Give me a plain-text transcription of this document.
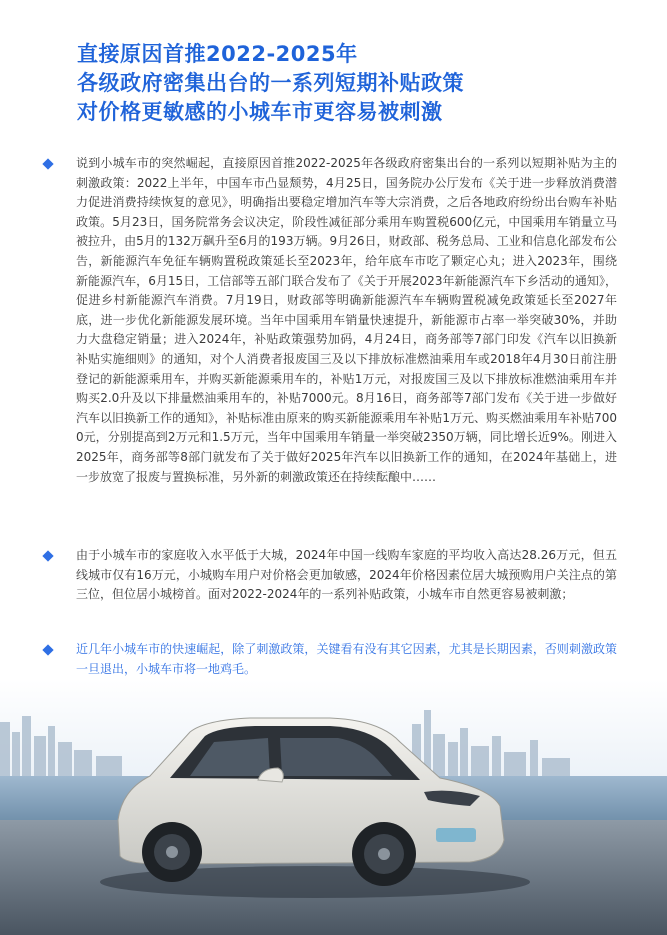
直接原因首推2022-2025年
各级政府密集出台的一系列短期补贴政策
对价格更敏感的小城车市更容易被刺激
说到小城车市的突然崛起，直接原因首推2022-2025年各级政府密集出台的一系列以短期补贴为主的刺激政策：2022上半年，中国车市凸显颓势，4月25日，国务院办公厅发布《关于进一步释放消费潜力促进消费持续恢复的意见》，明确指出要稳定增加汽车等大宗消费，之后各地政府纷纷出台购车补贴政策。5月23日，国务院常务会议决定，阶段性减征部分乘用车购置税600亿元，中国乘用车销量立马被拉升，由5月的132万飙升至6月的193万辆。9月26日，财政部、税务总局、工业和信息化部发布公告，新能源汽车免征车辆购置税政策延长至2023年，给年底车市吃了颗定心丸；进入2023年，围绕新能源汽车，6月15日，工信部等五部门联合发布了《关于开展2023年新能源汽车下乡活动的通知》，促进乡村新能源汽车消费。7月19日，财政部等明确新能源汽车车辆购置税减免政策延长至2027年底，进一步优化新能源发展环境。当年中国乘用车销量快速提升，新能源市占率一举突破30%，并助力大盘稳定销量；进入2024年，补贴政策强势加码，4月24日，商务部等7部门印发《汽车以旧换新补贴实施细则》的通知，对个人消费者报废国三及以下排放标准燃油乘用车或2018年4月30日前注册登记的新能源乘用车，并购买新能源乘用车的，补贴1万元，对报废国三及以下排放标准燃油乘用车并购买2.0升及以下排量燃油乘用车的，补贴7000元。8月16日，商务部等7部门发布《关于进一步做好汽车以旧换新工作的通知》，补贴标准由原来的购买新能源乘用车补贴1万元、购买燃油乘用车补贴7000元，分别提高到2万元和1.5万元，当年中国乘用车销量一举突破2350万辆，同比增长近9%。刚进入2025年，商务部等8部门就发布了关于做好2025年汽车以旧换新工作的通知，在2024年基础上，进一步放宽了报废与置换标准，另外新的刺激政策还在持续酝酿中……
由于小城车市的家庭收入水平低于大城，2024年中国一线购车家庭的平均收入高达28.26万元，但五线城市仅有16万元，小城购车用户对价格会更加敏感，2024年价格因素位居大城预购用户关注点的第三位，但位居小城榜首。面对2022-2024年的一系列补贴政策，小城车市自然更容易被刺激；
近几年小城车市的快速崛起，除了刺激政策，关键看有没有其它因素，尤其是长期因素，否则刺激政策一旦退出，小城车市将一地鸡毛。
